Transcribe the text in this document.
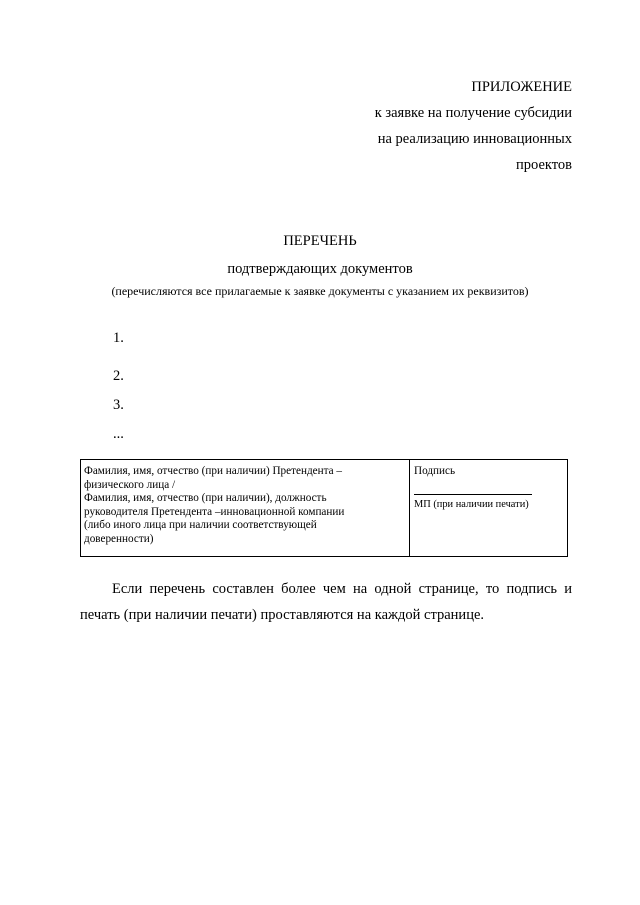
ПРИЛОЖЕНИЕ
к заявке на получение субсидии
на реализацию инновационных
проектов
ПЕРЕЧЕНЬ
подтверждающих документов
(перечисляются все прилагаемые к заявке документы с указанием их реквизитов)
1.
2.
3.
...
Фамилия, имя, отчество (при наличии) Претендента –
физического лица /
Фамилия, имя, отчество (при наличии), должность
руководителя Претендента –инновационной компании
(либо иного лица при наличии соответствующей
доверенности)
Подпись
МП (при наличии печати)
Если перечень составлен более чем на одной странице, то подпись и печать (при наличии печати) проставляются на каждой странице.
